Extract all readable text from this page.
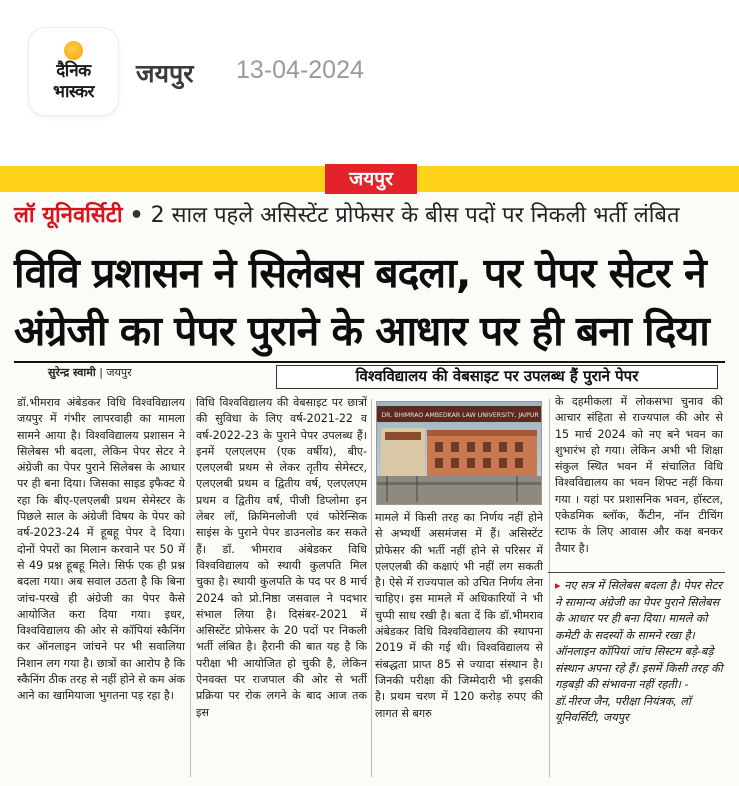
दैनिक
भास्कर
जयपुर 13-04-2024
जयपुर
लॉ यूनिवर्सिटी • 2 साल पहले असिस्टेंट प्रोफेसर के बीस पदों पर निकली भर्ती लंबित
विवि प्रशासन ने सिलेबस बदला, पर पेपर सेटर ने
अंग्रेजी का पेपर पुराने के आधार पर ही बना दिया
सुरेन्द्र स्वामी | जयपुर	विश्वविद्यालय की वेबसाइट पर उपलब्ध हैं पुराने पेपर

डॉ.भीमराव अंबेडकर विधि विश्वविद्यालय जयपुर में गंभीर लापरवाही का मामला सामने आया है। विश्वविद्यालय प्रशासन ने सिलेबस भी बदला, लेकिन पेपर सेटर ने अंग्रेजी का पेपर पुराने सिलेबस के आधार पर ही बना दिया। जिसका साइड इफैक्ट ये रहा कि बीए-एलएलबी प्रथम सेमेस्टर के पिछले साल के अंग्रेजी विषय के पेपर को वर्ष-2023-24 में हूबहू पेपर दे दिया। दोनों पेपरों का मिलान करवाने पर 50 में से 49 प्रश्न हूबहू मिले। सिर्फ एक ही प्रश्न बदला गया। अब सवाल उठता है कि बिना जांच-परखे ही अंग्रेजी का पेपर कैसे आयोजित करा दिया गया। इधर, विश्वविद्यालय की ओर से कॉपियां स्कैनिंग कर ऑनलाइन जांचने पर भी सवालिया निशान लग गया है। छात्रों का आरोप है कि स्कैनिंग ठीक तरह से नहीं होने से कम अंक आने का खामियाजा भुगतना पड़ रहा है।

विधि विश्वविद्यालय की वेबसाइट पर छात्रों की सुविधा के लिए वर्ष-2021-22 व वर्ष-2022-23 के पुराने पेपर उपलब्ध हैं। इनमें एलएलएम (एक वर्षीय), बीए-एलएलबी प्रथम से लेकर तृतीय सेमेस्टर, एलएलबी प्रथम व द्वितीय वर्ष, एलएलएम प्रथम व द्वितीय वर्ष, पीजी डिप्लोमा इन लेबर लॉ, क्रिमिनलोजी एवं फोरेन्सिक साइंस के पुराने पेपर डाउनलोड कर सकते हैं। डॉ. भीमराव अंबेडकर विधि विश्वविद्यालय को स्थायी कुलपति मिल चुका है। स्थायी कुलपति के पद पर 8 मार्च 2024 को प्रो.निष्ठा जसवाल ने पदभार संभाल लिया है। दिसंबर-2021 में असिस्टेंट प्रोफेसर के 20 पदों पर निकली भर्ती लंबित है। हैरानी की बात यह है कि परीक्षा भी आयोजित हो चुकी है, लेकिन ऐनवक्त पर राजपाल की ओर से भर्ती प्रक्रिया पर रोक लगने के बाद आज तक इस

DR. BHIMRAO AMBEDKAR LAW UNIVERSITY, JAIPUR

मामले में किसी तरह का निर्णय नहीं होने से अभ्यर्थी असमंजस में हैं। असिस्टेंट प्रोफेसर की भर्ती नहीं होने से परिसर में एलएलबी की कक्षाएं भी नहीं लग सकती है। ऐसे में राज्यपाल को उचित निर्णय लेना चाहिए। इस मामले में अधिकारियों ने भी चुप्पी साध रखी है। बता दें कि डॉ.भीमराव अंबेडकर विधि विश्वविद्यालय की स्थापना 2019 में की गई थी। विश्वविद्यालय से संबद्धता प्राप्त 85 से ज्यादा संस्थान है। जिनकी परीक्षा की जिम्मेदारी भी इसकी है। प्रथम चरण में 120 करोड़ रुपए की लागत से बगरु

के दहमीकला में लोकसभा चुनाव की आचार संहिता से राज्यपाल की ओर से 15 मार्च 2024 को नए बने भवन का शुभारंभ हो गया। लेकिन अभी भी शिक्षा संकुल स्थित भवन में संचालित विधि विश्वविद्यालय का भवन शिफ्ट नहीं किया गया । यहां पर प्रशासनिक भवन, हॉस्टल, एकेडमिक ब्लॉक, कैंटीन, नॉन टीचिंग स्टाफ के लिए आवास और कक्ष बनकर तैयार है।

▸ नए सत्र में सिलेबस बदला है। पेपर सेटर ने सामान्य अंग्रेजी का पेपर पुराने सिलेबस के आधार पर ही बना दिया। मामले को कमेटी के सदस्यों के सामने रखा है। ऑनलाइन कॉपियां जांच सिस्टम बड़े-बड़े संस्थान अपना रहे हैं। इसमें किसी तरह की गड़बड़ी की संभावना नहीं रहती। - डॉ.नीरज जैन, परीक्षा नियंत्रक, लॉ यूनिवर्सिटी, जयपुर
